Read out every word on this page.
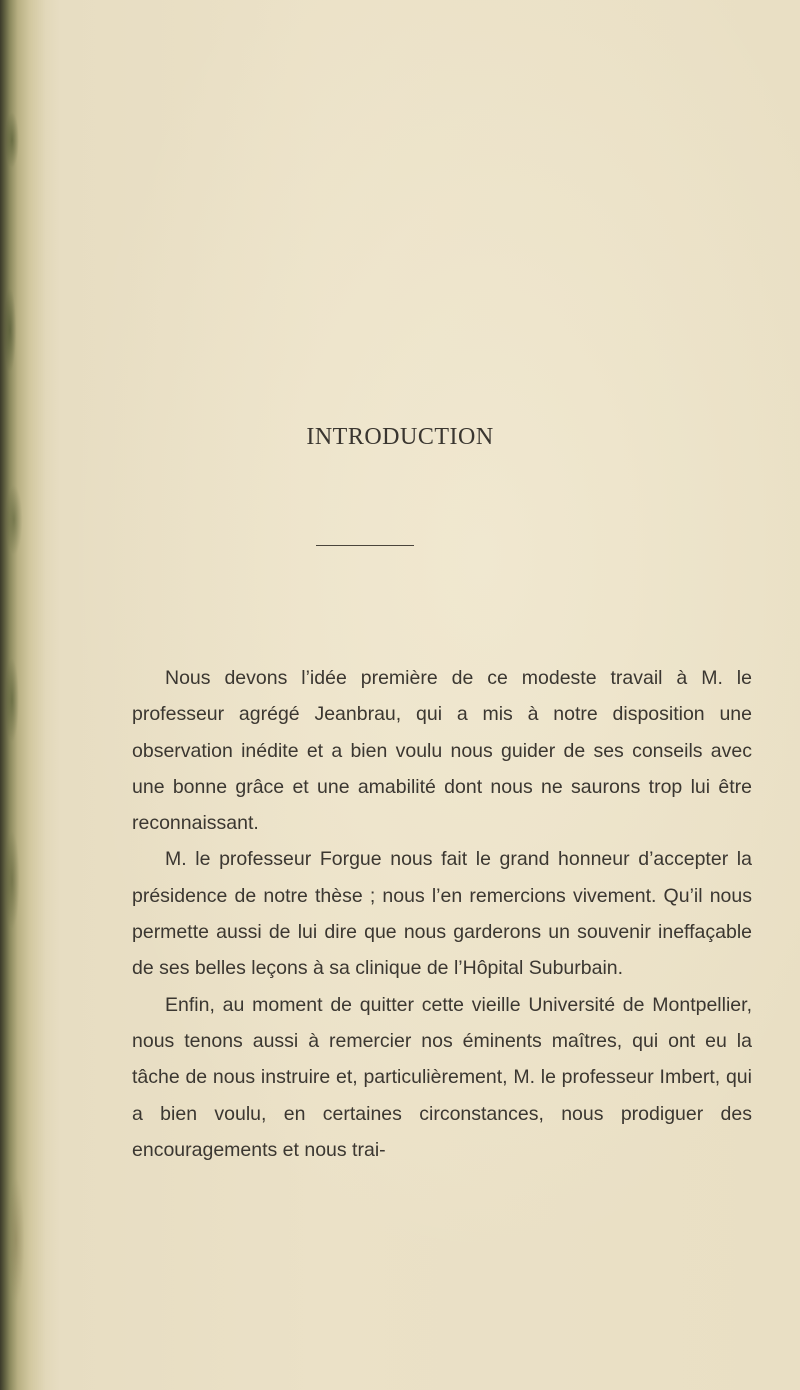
INTRODUCTION

Nous devons l’idée première de ce modeste travail à M. le professeur agrégé Jeanbrau, qui a mis à notre disposition une observation inédite et a bien voulu nous guider de ses conseils avec une bonne grâce et une amabilité dont nous ne saurons trop lui être reconnaissant.

M. le professeur Forgue nous fait le grand honneur d’accepter la présidence de notre thèse ; nous l’en remercions vivement. Qu’il nous permette aussi de lui dire que nous garderons un souvenir ineffaçable de ses belles leçons à sa clinique de l’Hôpital Suburbain.

Enfin, au moment de quitter cette vieille Université de Montpellier, nous tenons aussi à remercier nos éminents maîtres, qui ont eu la tâche de nous instruire et, particulièrement, M. le professeur Imbert, qui a bien voulu, en certaines circonstances, nous prodiguer des encouragements et nous trai-
